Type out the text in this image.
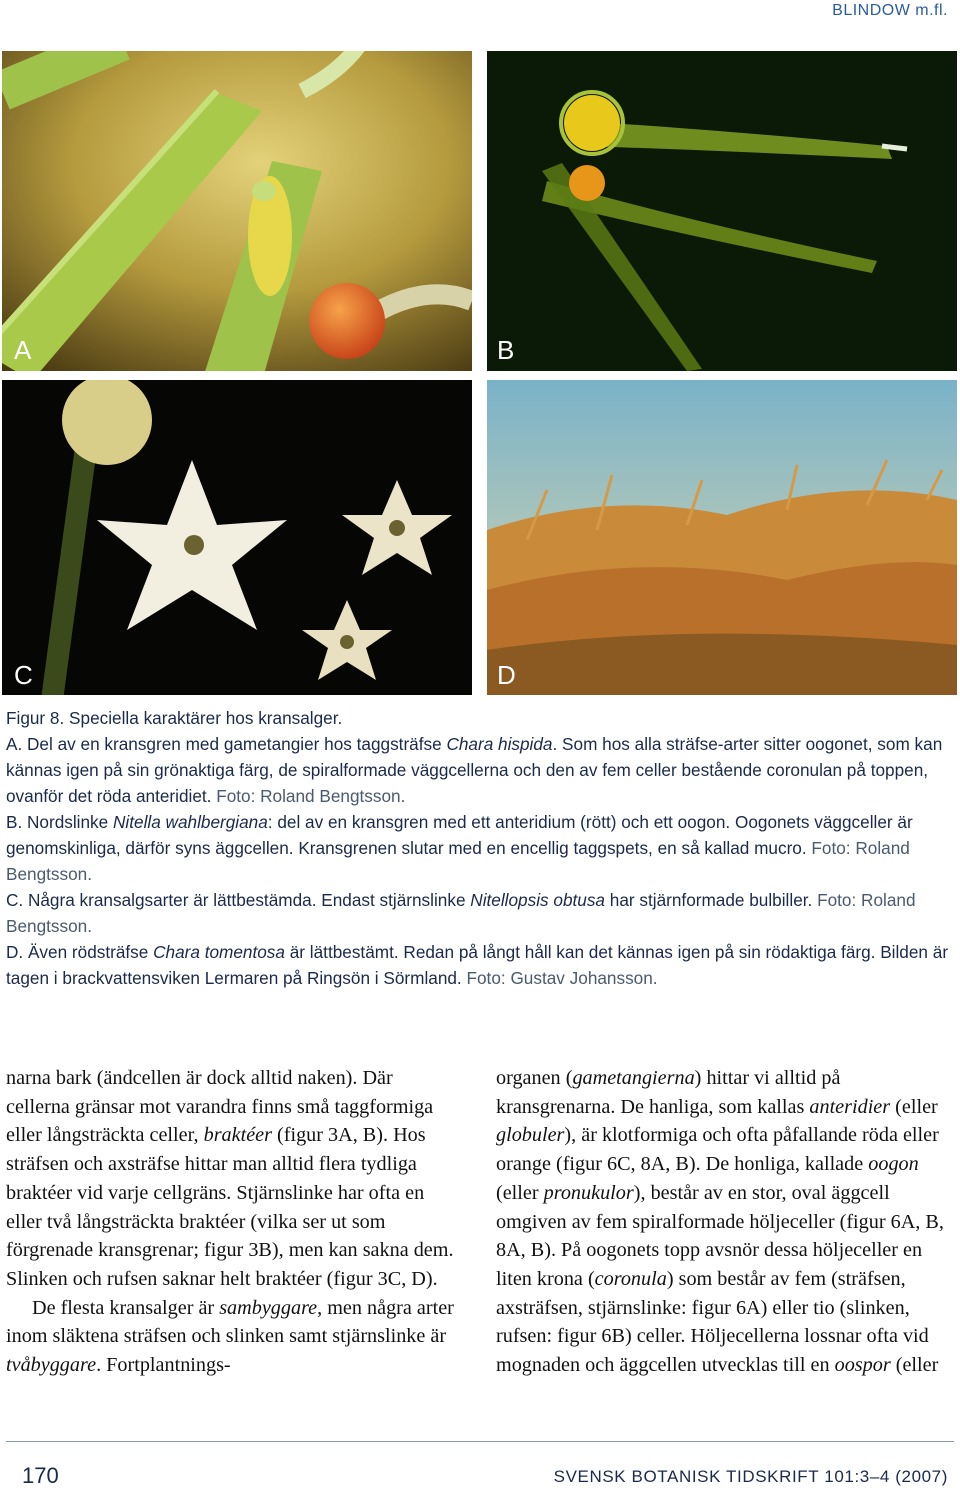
BLINDOW m.fl.
A	B
C	D

Figur 8. Speciella karaktärer hos kransalger.

A. Del av en kransgren med gametangier hos taggsträfse Chara hispida. Som hos alla sträfse-arter sitter oogonet, som kan kännas igen på sin grönaktiga färg, de spiralformade väggcellerna och den av fem celler bestående coronulan på toppen, ovanför det röda anteridiet. Foto: Roland Bengtsson.

B. Nordslinke Nitella wahlbergiana: del av en kransgren med ett anteridium (rött) och ett oogon. Oogonets väggceller är genomskinliga, därför syns äggcellen. Kransgrenen slutar med en encellig taggspets, en så kallad mucro. Foto: Roland Bengtsson.

C. Några kransalgsarter är lättbestämda. Endast stjärnslinke Nitellopsis obtusa har stjärnformade bulbiller. Foto: Roland Bengtsson.

D. Även rödsträfse Chara tomentosa är lättbestämt. Redan på långt håll kan det kännas igen på sin rödaktiga färg. Bilden är tagen i brackvattensviken Lermaren på Ringsön i Sörmland. Foto: Gustav Johansson.

narna bark (ändcellen är dock alltid naken). Där cellerna gränsar mot varandra finns små taggformiga eller långsträckta celler, braktéer (figur 3A, B). Hos sträfsen och axsträfse hittar man alltid flera tydliga braktéer vid varje cellgräns. Stjärnslinke har ofta en eller två långsträckta braktéer (vilka ser ut som förgrenade kransgrenar; figur 3B), men kan sakna dem. Slinken och rufsen saknar helt braktéer (figur 3C, D).

De flesta kransalger är sambyggare, men några arter inom släktena sträfsen och slinken samt stjärnslinke är tvåbyggare. Fortplantnings-

organen (gametangierna) hittar vi alltid på kransgrenarna. De hanliga, som kallas anteridier (eller globuler), är klotformiga och ofta påfallande röda eller orange (figur 6C, 8A, B). De honliga, kallade oogon (eller pronukulor), består av en stor, oval äggcell omgiven av fem spiralformade höljeceller (figur 6A, B, 8A, B). På oogonets topp avsnör dessa höljeceller en liten krona (coronula) som består av fem (sträfsen, axsträfsen, stjärnslinke: figur 6A) eller tio (slinken, rufsen: figur 6B) celler. Höljecellerna lossnar ofta vid mognaden och äggcellen utvecklas till en oospor (eller

170	SVENSK BOTANISK TIDSKRIFT 101:3–4 (2007)
